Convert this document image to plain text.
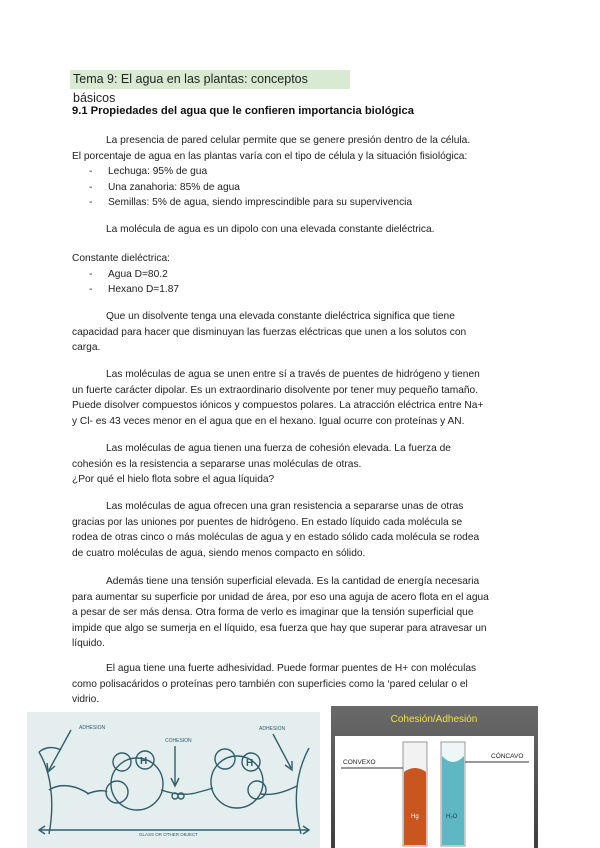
Tema 9: El agua en las plantas: conceptos básicos
9.1 Propiedades del agua que le confieren importancia biológica
La presencia de pared celular permite que se genere presión dentro de la célula.
El porcentaje de agua en las plantas varía con el tipo de célula y la situación fisiológica:
- Lechuga: 95% de gua
- Una zanahoria: 85% de agua
- Semillas: 5% de agua, siendo imprescindible para su supervivencia
La molécula de agua es un dipolo con una elevada constante dieléctrica.
Constante dieléctrica:
- Agua D=80.2
- Hexano D=1.87
Que un disolvente tenga una elevada constante dieléctrica significa que tiene
capacidad para hacer que disminuyan las fuerzas eléctricas que unen a los solutos con
carga.
Las moléculas de agua se unen entre sí a través de puentes de hidrógeno y tienen
un fuerte carácter dipolar. Es un extraordinario disolvente por tener muy pequeño tamaño.
Puede disolver compuestos iónicos y compuestos polares. La atracción eléctrica entre Na+
y Cl- es 43 veces menor en el agua que en el hexano. Igual ocurre con proteínas y AN.
Las moléculas de agua tienen una fuerza de cohesión elevada. La fuerza de
cohesión es la resistencia a separarse unas moléculas de otras.
¿Por qué el hielo flota sobre el agua líquida?
Las moléculas de agua ofrecen una gran resistencia a separarse unas de otras
gracias por las uniones por puentes de hidrógeno. En estado líquido cada molécula se
rodea de otras cinco o más moléculas de agua y en estado sólido cada molécula se rodea
de cuatro moléculas de agua, siendo menos compacto en sólido.
Además tiene una tensión superficial elevada. Es la cantidad de energía necesaria
para aumentar su superficie por unidad de área, por eso una aguja de acero flota en el agua
a pesar de ser más densa. Otra forma de verlo es imaginar que la tensión superficial que
impide que algo se sumerja en el líquido, esa fuerza que hay que superar para atravesar un
líquido.
El agua tiene una fuerte adhesividad. Puede formar puentes de H+ con moléculas
como polisacáridos o proteínas pero también con superficies como la ‘pared celular o el
vidrio.
ADHESION
COHESION
ADHESION
H	H
GLASS OR OTHER OBJECT
Cohesión/Adhesión
CONVEXO
CÓNCAVO
Hg	H₂O
